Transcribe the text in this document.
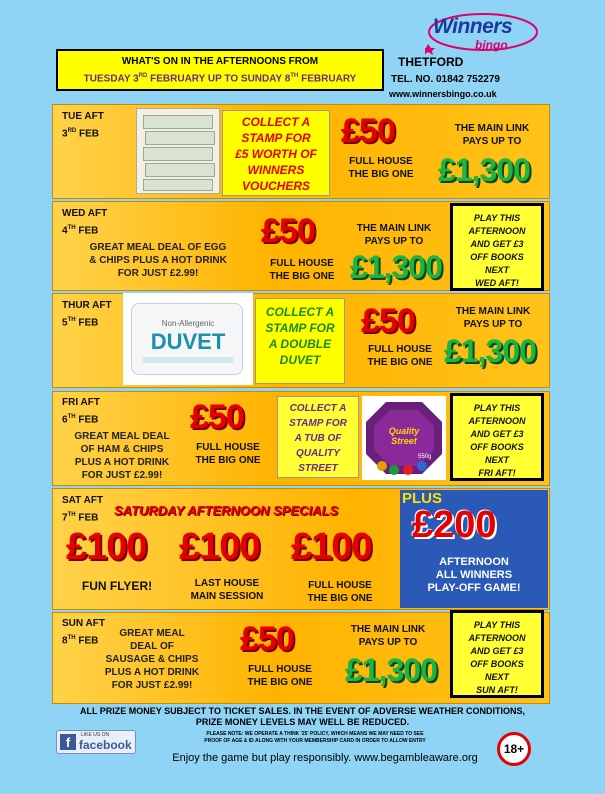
WHAT'S ON IN THE AFTERNOONS FROM
TUESDAY 3RD FEBRUARY UP TO SUNDAY 8TH FEBRUARY
Winners
bingo
THETFORD
TEL. NO. 01842 752279
www.winnersbingo.co.uk
TUE AFT
3RD FEB
COLLECT A
STAMP FOR
£5 WORTH OF
WINNERS
VOUCHERS
£50
FULL HOUSE
THE BIG ONE
THE MAIN LINK
PAYS UP TO
£1,300
WED AFT
4TH FEB
GREAT MEAL DEAL OF EGG
& CHIPS PLUS A HOT DRINK
FOR JUST £2.99!
£50
FULL HOUSE
THE BIG ONE
THE MAIN LINK
PAYS UP TO
£1,300
PLAY THIS
AFTERNOON
AND GET £3
OFF BOOKS
NEXT
WED AFT!
THUR AFT
5TH FEB	Non-Allergenic
DUVET
COLLECT A
STAMP FOR
A DOUBLE
DUVET
£50
FULL HOUSE
THE BIG ONE
THE MAIN LINK
PAYS UP TO
£1,300
FRI AFT
6TH FEB
GREAT MEAL DEAL
OF HAM & CHIPS
PLUS A HOT DRINK
FOR JUST £2.99!
£50
FULL HOUSE
THE BIG ONE
COLLECT A
STAMP FOR
A TUB OF
QUALITY
STREET
Quality
Street
550g
PLAY THIS
AFTERNOON
AND GET £3
OFF BOOKS
NEXT
FRI AFT!
SAT AFT
7TH FEB	SATURDAY AFTERNOON SPECIALS
£100 £100 £100
FUN FLYER!	LAST HOUSE
MAIN SESSION
FULL HOUSE
THE BIG ONE
PLUS
£200
AFTERNOON
ALL WINNERS
PLAY-OFF GAME!
SUN AFT
8TH FEB
GREAT MEAL
DEAL OF
SAUSAGE & CHIPS
PLUS A HOT DRINK
FOR JUST £2.99!
£50
FULL HOUSE
THE BIG ONE
THE MAIN LINK
PAYS UP TO
£1,300
PLAY THIS
AFTERNOON
AND GET £3
OFF BOOKS
NEXT
SUN AFT!
ALL PRIZE MONEY SUBJECT TO TICKET SALES. IN THE EVENT OF ADVERSE WEATHER CONDITIONS,
PRIZE MONEY LEVELS MAY WELL BE REDUCED.
f	LIKE US ON
facebook
PLEASE NOTE: WE OPERATE A THINK '25' POLICY, WHICH MEANS WE MAY NEED TO SEE
PROOF OF AGE & ID ALONG WITH YOUR MEMBERSHIP CARD IN ORDER TO ALLOW ENTRY
18+
Enjoy the game but play responsibly. www.begambleaware.org
